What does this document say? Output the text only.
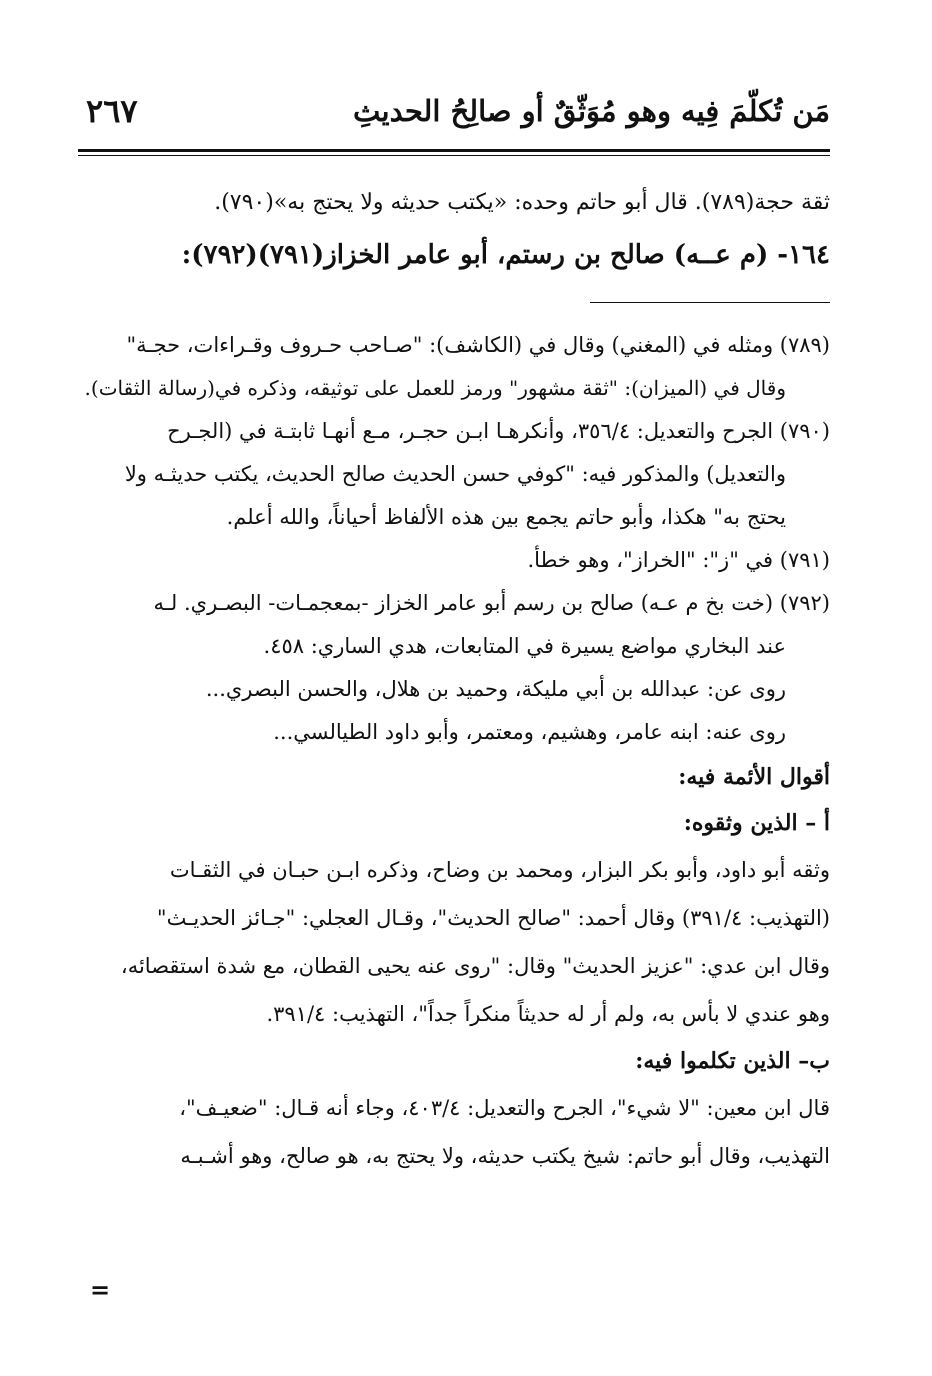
مَن تُكلّمَ فِيه وهو مُوَثّقٌ أو صالِحُ الحديثِ
٢٦٧
ثقة حجة(٧٨٩). قال أبو حاتم وحده: «يكتب حديثه ولا يحتج به»(٧٩٠).
١٦٤- (م عــه) صالح بن رستم، أبو عامر الخزاز(٧٩١)(٧٩٢):
(٧٨٩) ومثله في (المغني) وقال في (الكاشف): "صـاحب حـروف وقـراءات، حجـة"
وقال في (الميزان): "ثقة مشهور" ورمز للعمل على توثيقه، وذكره في(رسالة الثقات).
(٧٩٠) الجرح والتعديل: ٣٥٦/٤، وأنكرهـا ابـن حجـر، مـع أنهـا ثابتـة في (الجـرح
والتعديل) والمذكور فيه: "كوفي حسن الحديث صالح الحديث، يكتب حديثـه ولا
يحتج به" هكذا، وأبو حاتم يجمع بين هذه الألفاظ أحياناً، والله أعلم.
(٧٩١) في "ز": "الخراز"، وهو خطأ.
(٧٩٢) (خت بخ م عـه) صالح بن رسم أبو عامر الخزاز -بمعجمـات- البصـري. لـه
عند البخاري مواضع يسيرة في المتابعات، هدي الساري: ٤٥٨.
روى عن: عبدالله بن أبي مليكة، وحميد بن هلال، والحسن البصري...
روى عنه: ابنه عامر، وهشيم، ومعتمر، وأبو داود الطيالسي...
أقوال الأئمة فيه:
أ – الذين وثقوه:
وثقه أبو داود، وأبو بكر البزار، ومحمد بن وضاح، وذكره ابـن حبـان في الثقـات
(التهذيب: ٣٩١/٤) وقال أحمد: "صالح الحديث"، وقـال العجلي: "جـائز الحديـث"
وقال ابن عدي: "عزيز الحديث" وقال: "روى عنه يحيى القطان، مع شدة استقصائه،
وهو عندي لا بأس به، ولم أر له حديثاً منكراً جداً"، التهذيب: ٣٩١/٤.
ب– الذين تكلموا فيه:
قال ابن معين: "لا شيء"، الجرح والتعديل: ٤٠٣/٤، وجاء أنه قـال: "ضعيـف"،
التهذيب، وقال أبو حاتم: شيخ يكتب حديثه، ولا يحتج به، هو صالح، وهو أشـبـه
=
